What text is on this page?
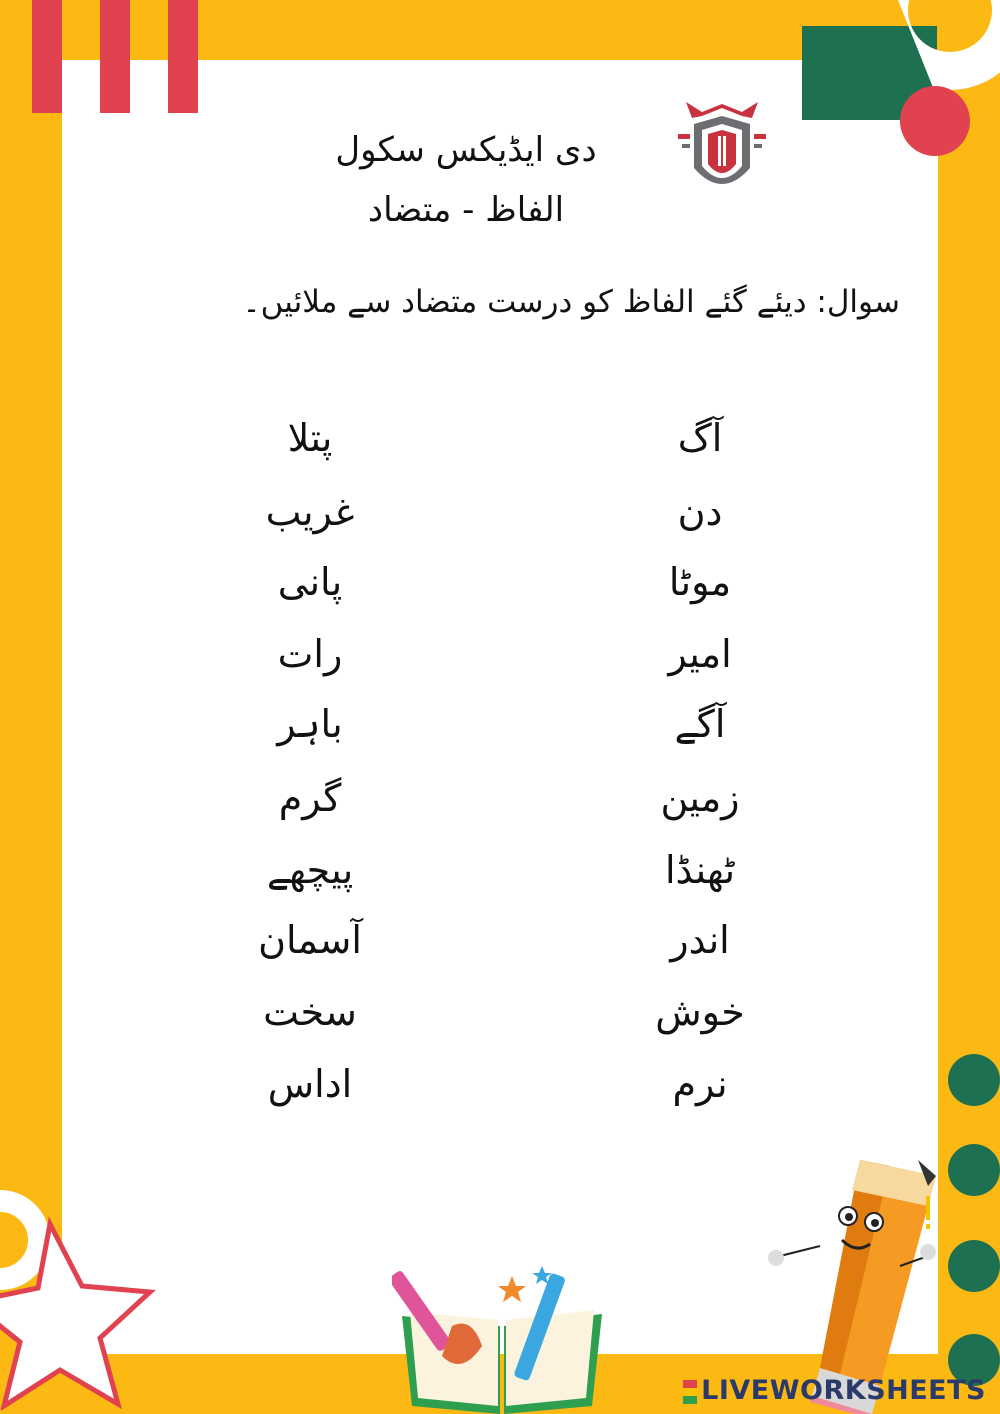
دی ایڈیکس سکول
الفاظ - متضاد
سوال: دیئے گئے الفاظ کو درست متضاد سے ملائیں۔
آگ
دن
موٹا
امیر
آگے
زمین
ٹھنڈا
اندر
خوش
نرم
پتلا
غریب
پانی
رات
باہر
گرم
پیچھے
آسمان
سخت
اداس
LIVEWORKSHEETS
